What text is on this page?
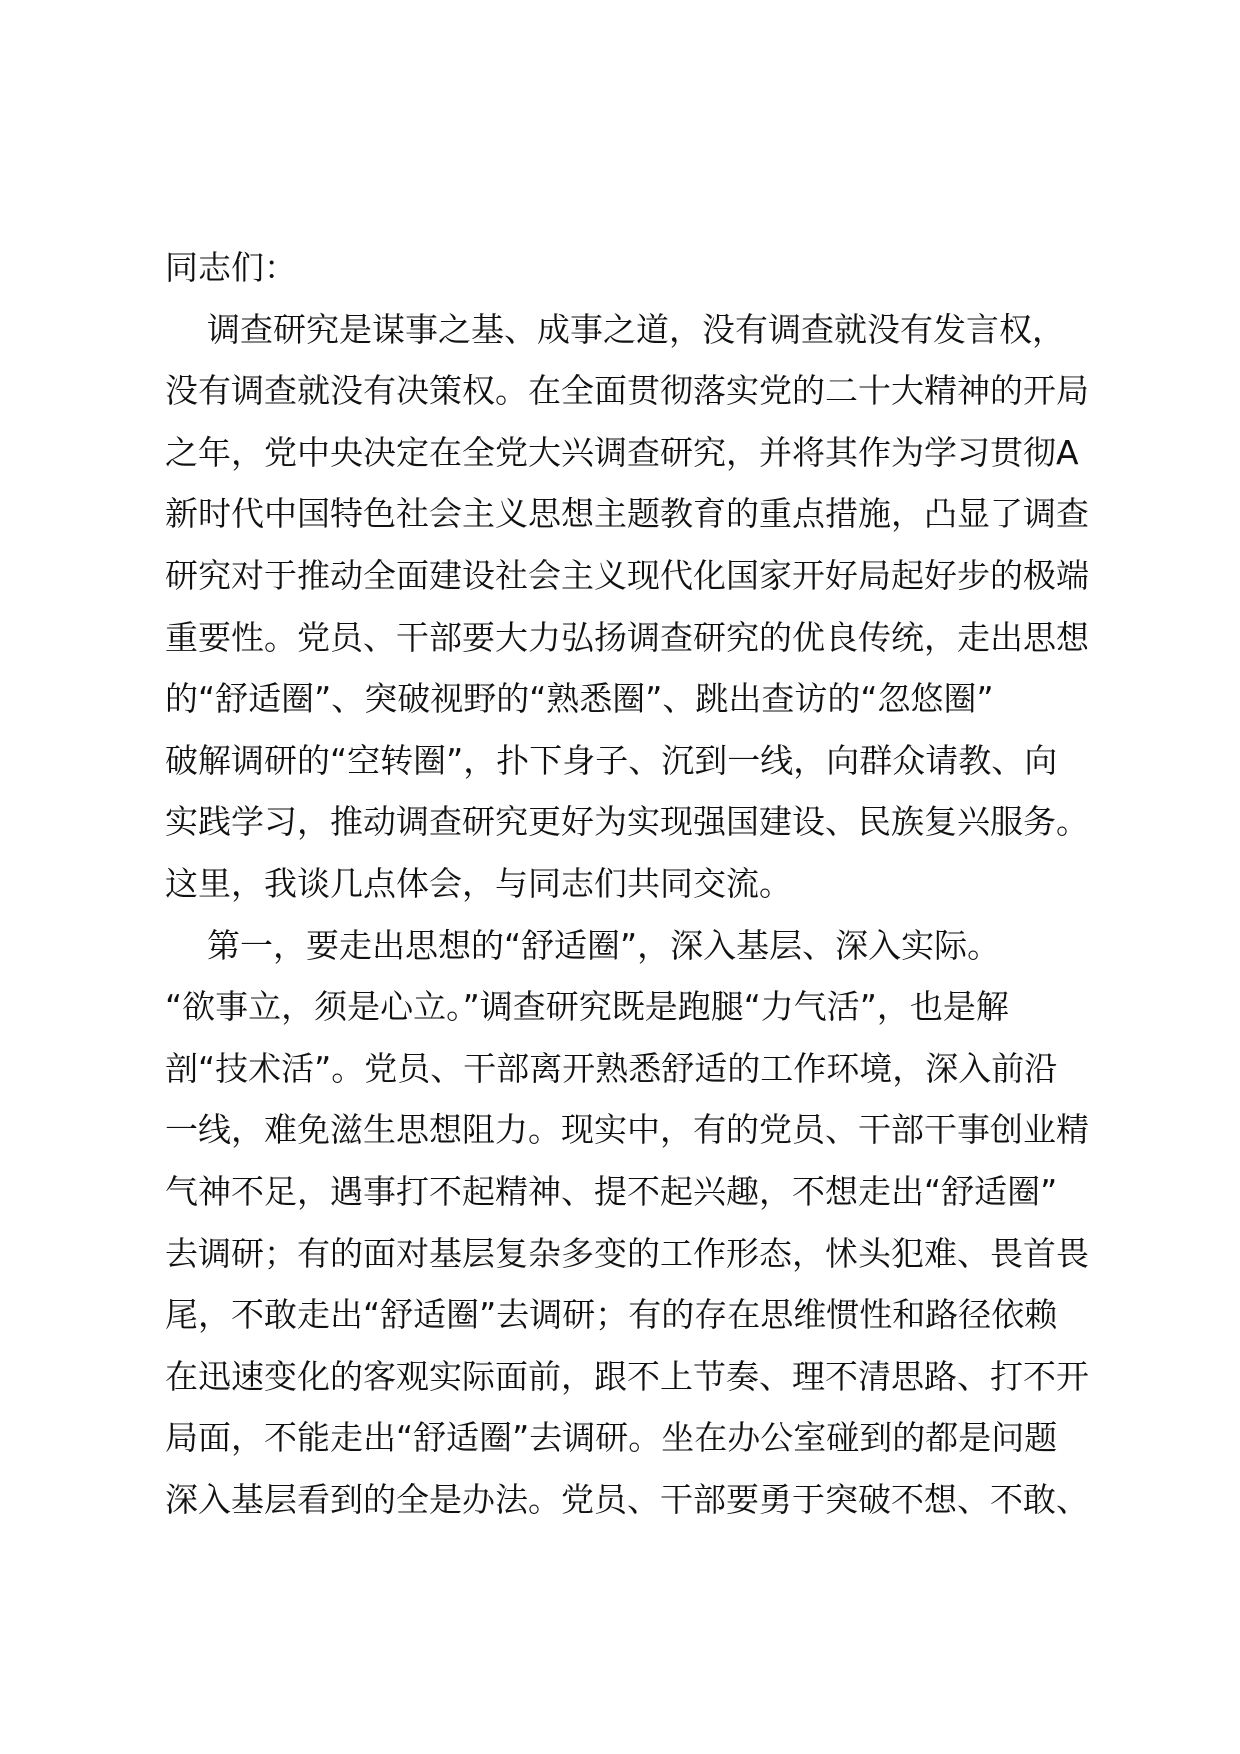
同志们：
调查研究是谋事之基、成事之道，没有调查就没有发言权，
没有调查就没有决策权。在全面贯彻落实党的二十大精神的开局
之年，党中央决定在全党大兴调查研究，并将其作为学习贯彻A
新时代中国特色社会主义思想主题教育的重点措施，凸显了调查
研究对于推动全面建设社会主义现代化国家开好局起好步的极端
重要性。党员、干部要大力弘扬调查研究的优良传统，走出思想
的“舒适圈”、突破视野的“熟悉圈”、跳出查访的“忽悠圈”
破解调研的“空转圈”，扑下身子、沉到一线，向群众请教、向
实践学习，推动调查研究更好为实现强国建设、民族复兴服务。
这里，我谈几点体会，与同志们共同交流。
第一，要走出思想的“舒适圈”，深入基层、深入实际。
“欲事立，须是心立。”调查研究既是跑腿“力气活”，也是解
剖“技术活”。党员、干部离开熟悉舒适的工作环境，深入前沿
一线，难免滋生思想阻力。现实中，有的党员、干部干事创业精
气神不足，遇事打不起精神、提不起兴趣，不想走出“舒适圈”
去调研；有的面对基层复杂多变的工作形态，怵头犯难、畏首畏
尾，不敢走出“舒适圈”去调研；有的存在思维惯性和路径依赖
在迅速变化的客观实际面前，跟不上节奏、理不清思路、打不开
局面，不能走出“舒适圈”去调研。坐在办公室碰到的都是问题
深入基层看到的全是办法。党员、干部要勇于突破不想、不敢、
